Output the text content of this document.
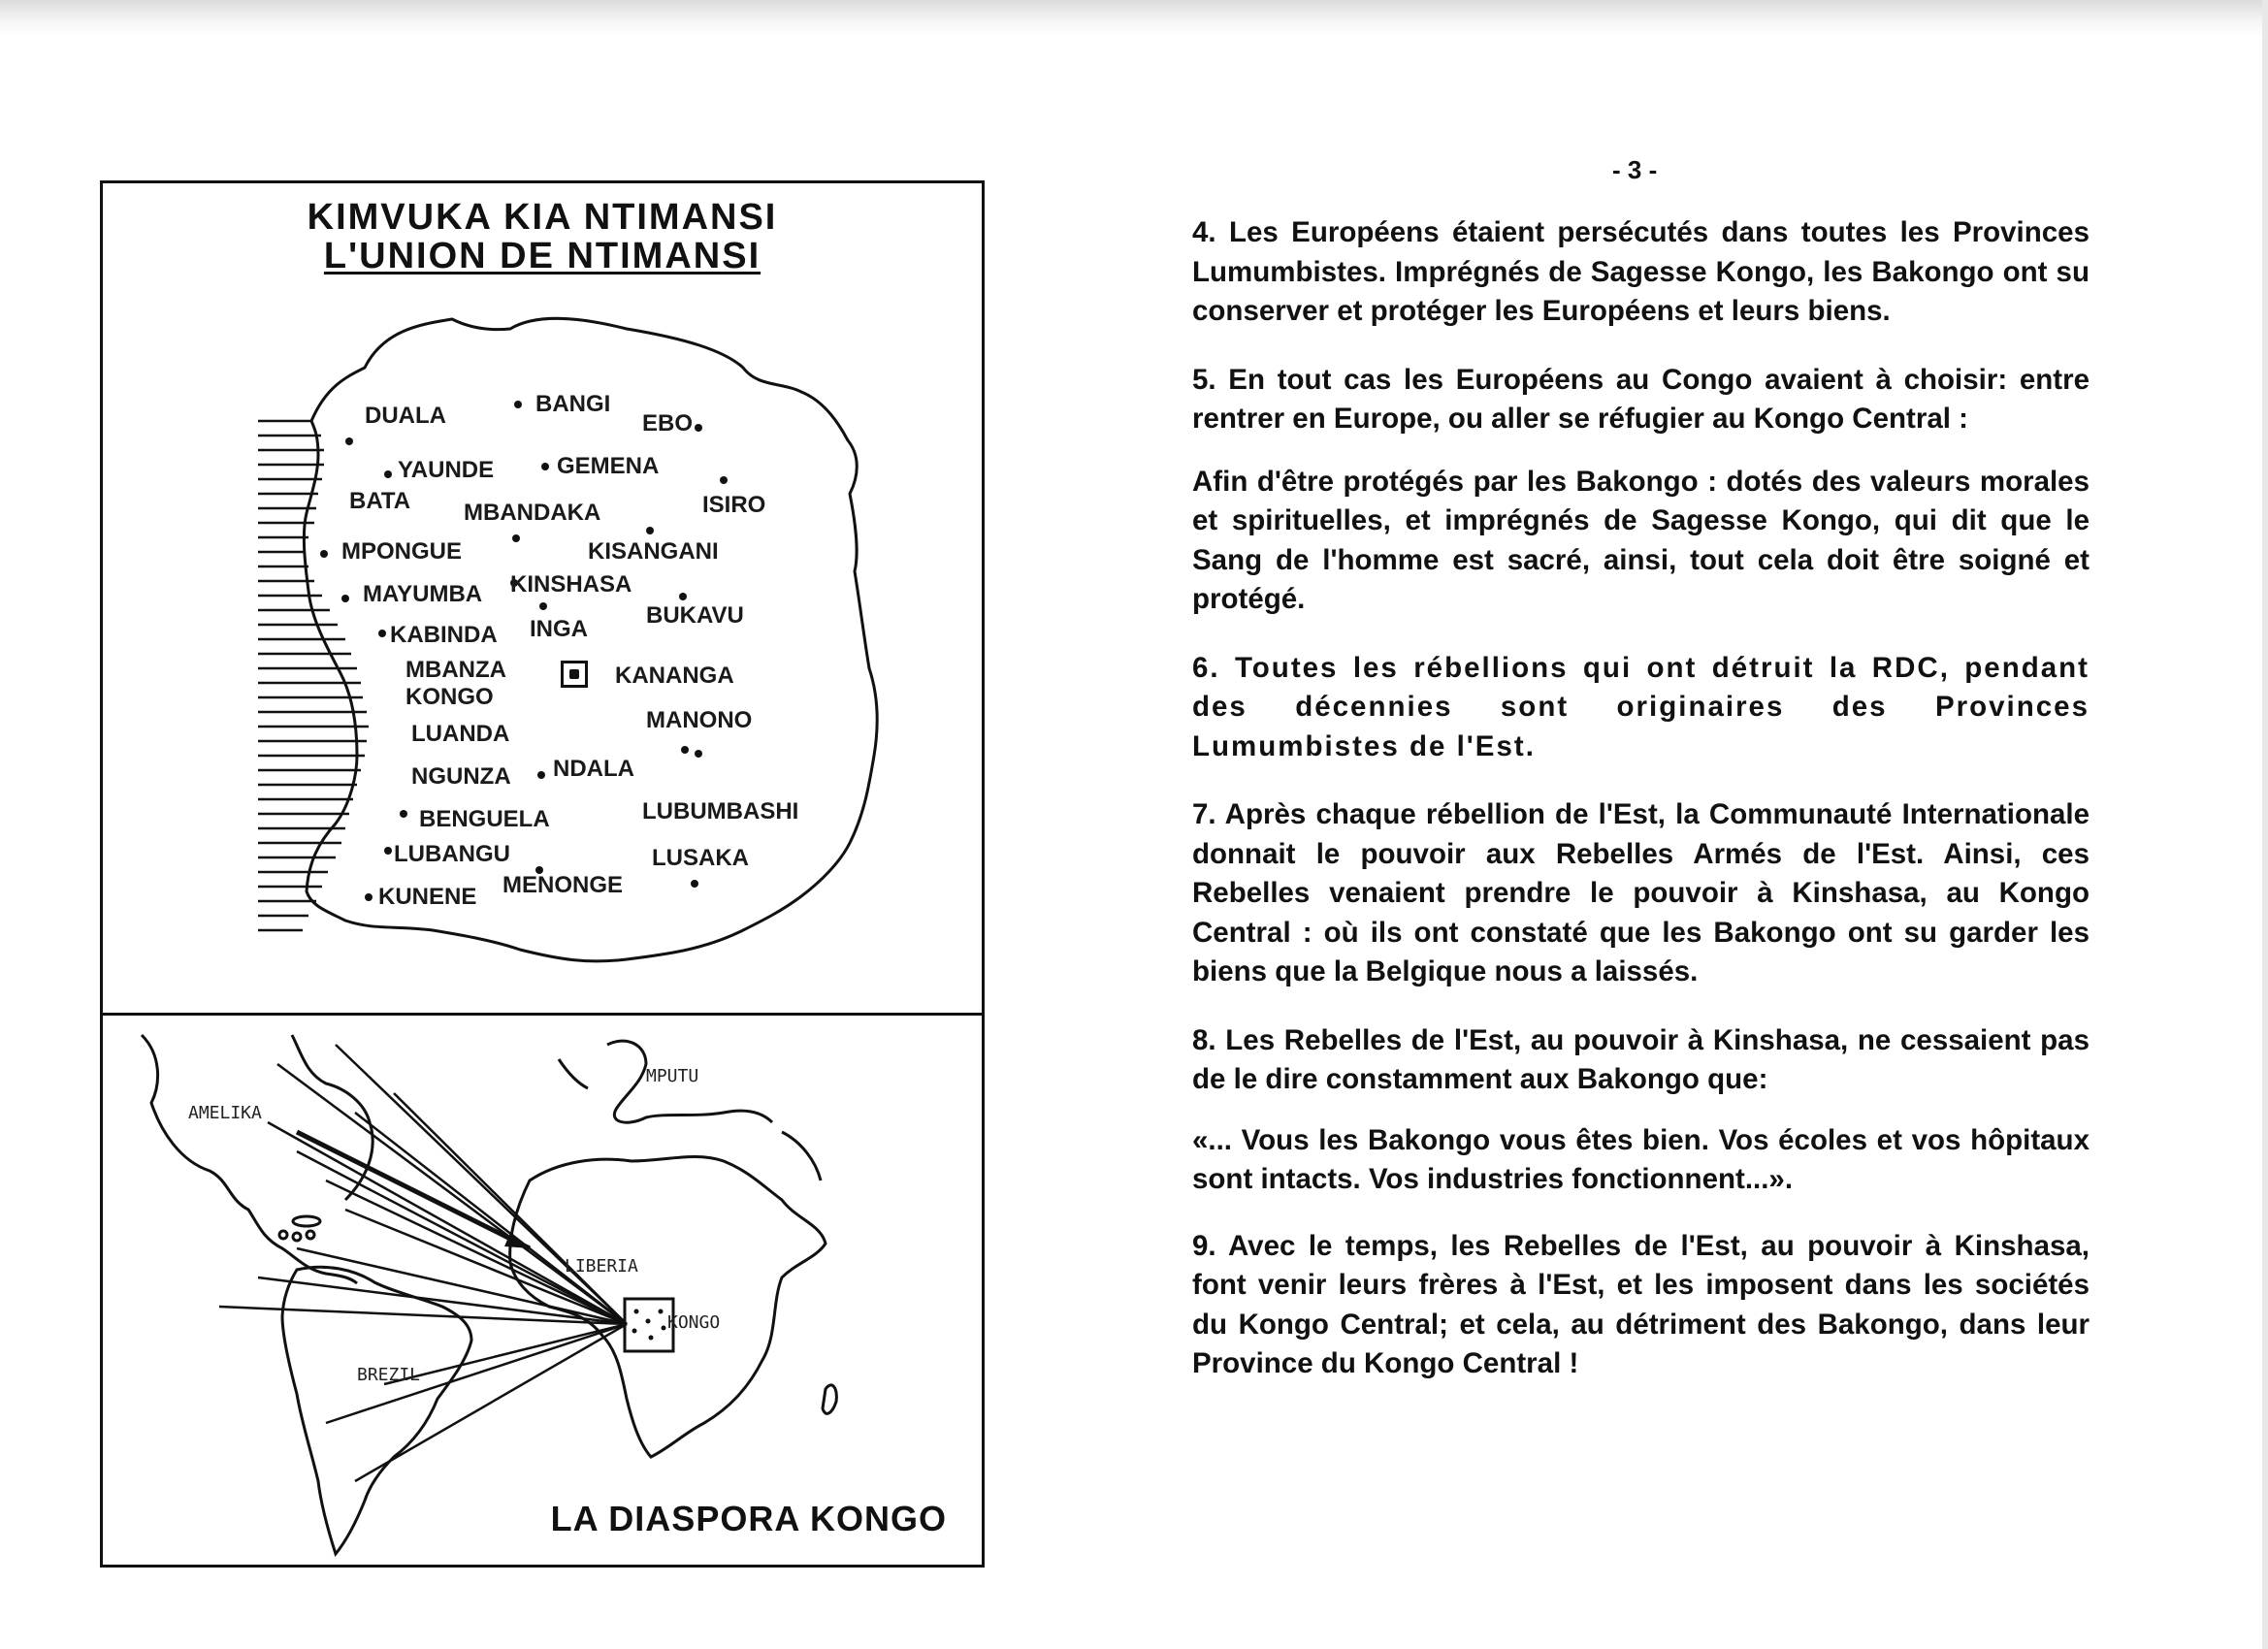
KIMVUKA KIA NTIMANSI
L'UNION DE NTIMANSI
DUALA	BANGI
EBO
YAUNDE	GEMENA
BATA MBANDAKA	ISIRO
MPONGUE	KISANGANI
MAYUMBA KINSHASA
BUKAVU
KABINDA INGA
MBANZA
KONGO
KANANGA
LUANDA
MANONO
NGUNZA NDALA
BENGUELA	LUBUMBASHI
LUBANGU	LUSAKA
MENONGE
KUNENE
AMELIKA
MPUTU
LIBERIA
KONGO
BREZIL
LA DIASPORA KONGO
- 3 -

4. Les Européens étaient persécutés dans toutes les Provinces Lumumbistes. Imprégnés de Sagesse Kongo, les Bakongo ont su conserver et protéger les Européens et leurs biens.

5. En tout cas les Européens au Congo avaient à choisir: entre rentrer en Europe, ou aller se réfugier au Kongo Central :

Afin d'être protégés par les Bakongo : dotés des valeurs morales et spirituelles, et imprégnés de Sagesse Kongo, qui dit que le Sang de l'homme est sacré, ainsi, tout cela doit être soigné et protégé.

6. Toutes les rébellions qui ont détruit la RDC, pendant des décennies sont originaires des Provinces Lumumbistes de l'Est.

7. Après chaque rébellion de l'Est, la Communauté Internationale donnait le pouvoir aux Rebelles Armés de l'Est. Ainsi, ces Rebelles venaient prendre le pouvoir à Kinshasa, au Kongo Central : où ils ont constaté que les Bakongo ont su garder les biens que la Belgique nous a laissés.

8. Les Rebelles de l'Est, au pouvoir à Kinshasa, ne cessaient pas de le dire constamment aux Bakongo que:

«... Vous les Bakongo vous êtes bien. Vos écoles et vos hôpitaux sont intacts. Vos industries fonctionnent...».

9. Avec le temps, les Rebelles de l'Est, au pouvoir à Kinshasa, font venir leurs frères à l'Est, et les imposent dans les sociétés du Kongo Central; et cela, au détriment des Bakongo, dans leur Province du Kongo Central !
